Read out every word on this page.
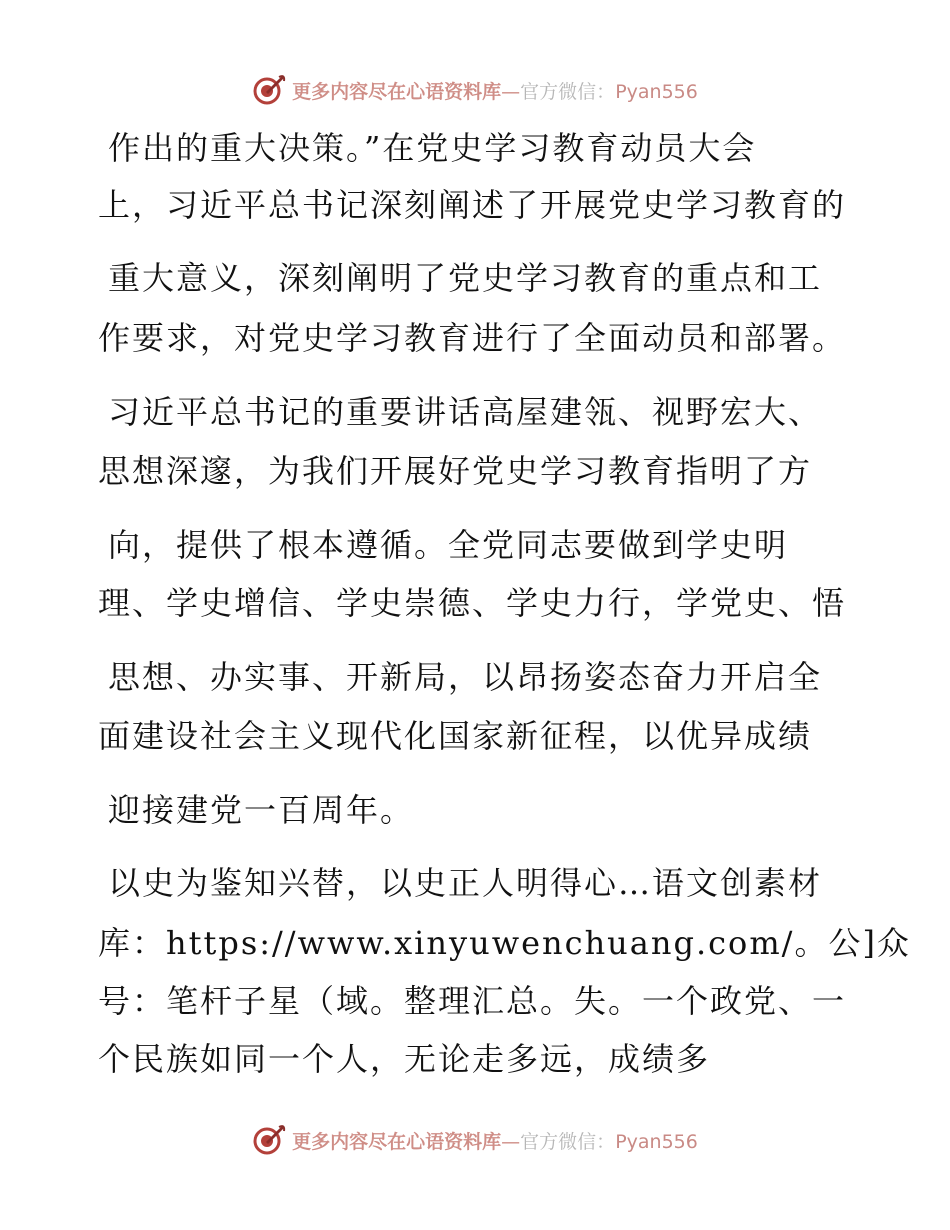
更多内容尽在心语资料库—官方微信：Pyan556
作出的重大决策。”在党史学习教育动员大会
上，习近平总书记深刻阐述了开展党史学习教育的
重大意义，深刻阐明了党史学习教育的重点和工
作要求，对党史学习教育进行了全面动员和部署。
习近平总书记的重要讲话高屋建瓴、视野宏大、
思想深邃，为我们开展好党史学习教育指明了方
向，提供了根本遵循。全党同志要做到学史明
理、学史增信、学史崇德、学史力行，学党史、悟
思想、办实事、开新局，以昂扬姿态奋力开启全
面建设社会主义现代化国家新征程，以优异成绩
迎接建党一百周年。
以史为鉴知兴替，以史正人明得心…语文创素材
库：https://www.xinyuwenchuang.com/。公]众
号：笔杆子星（域。整理汇总。失。一个政党、一
个民族如同一个人，无论走多远，成绩多
更多内容尽在心语资料库—官方微信：Pyan556
